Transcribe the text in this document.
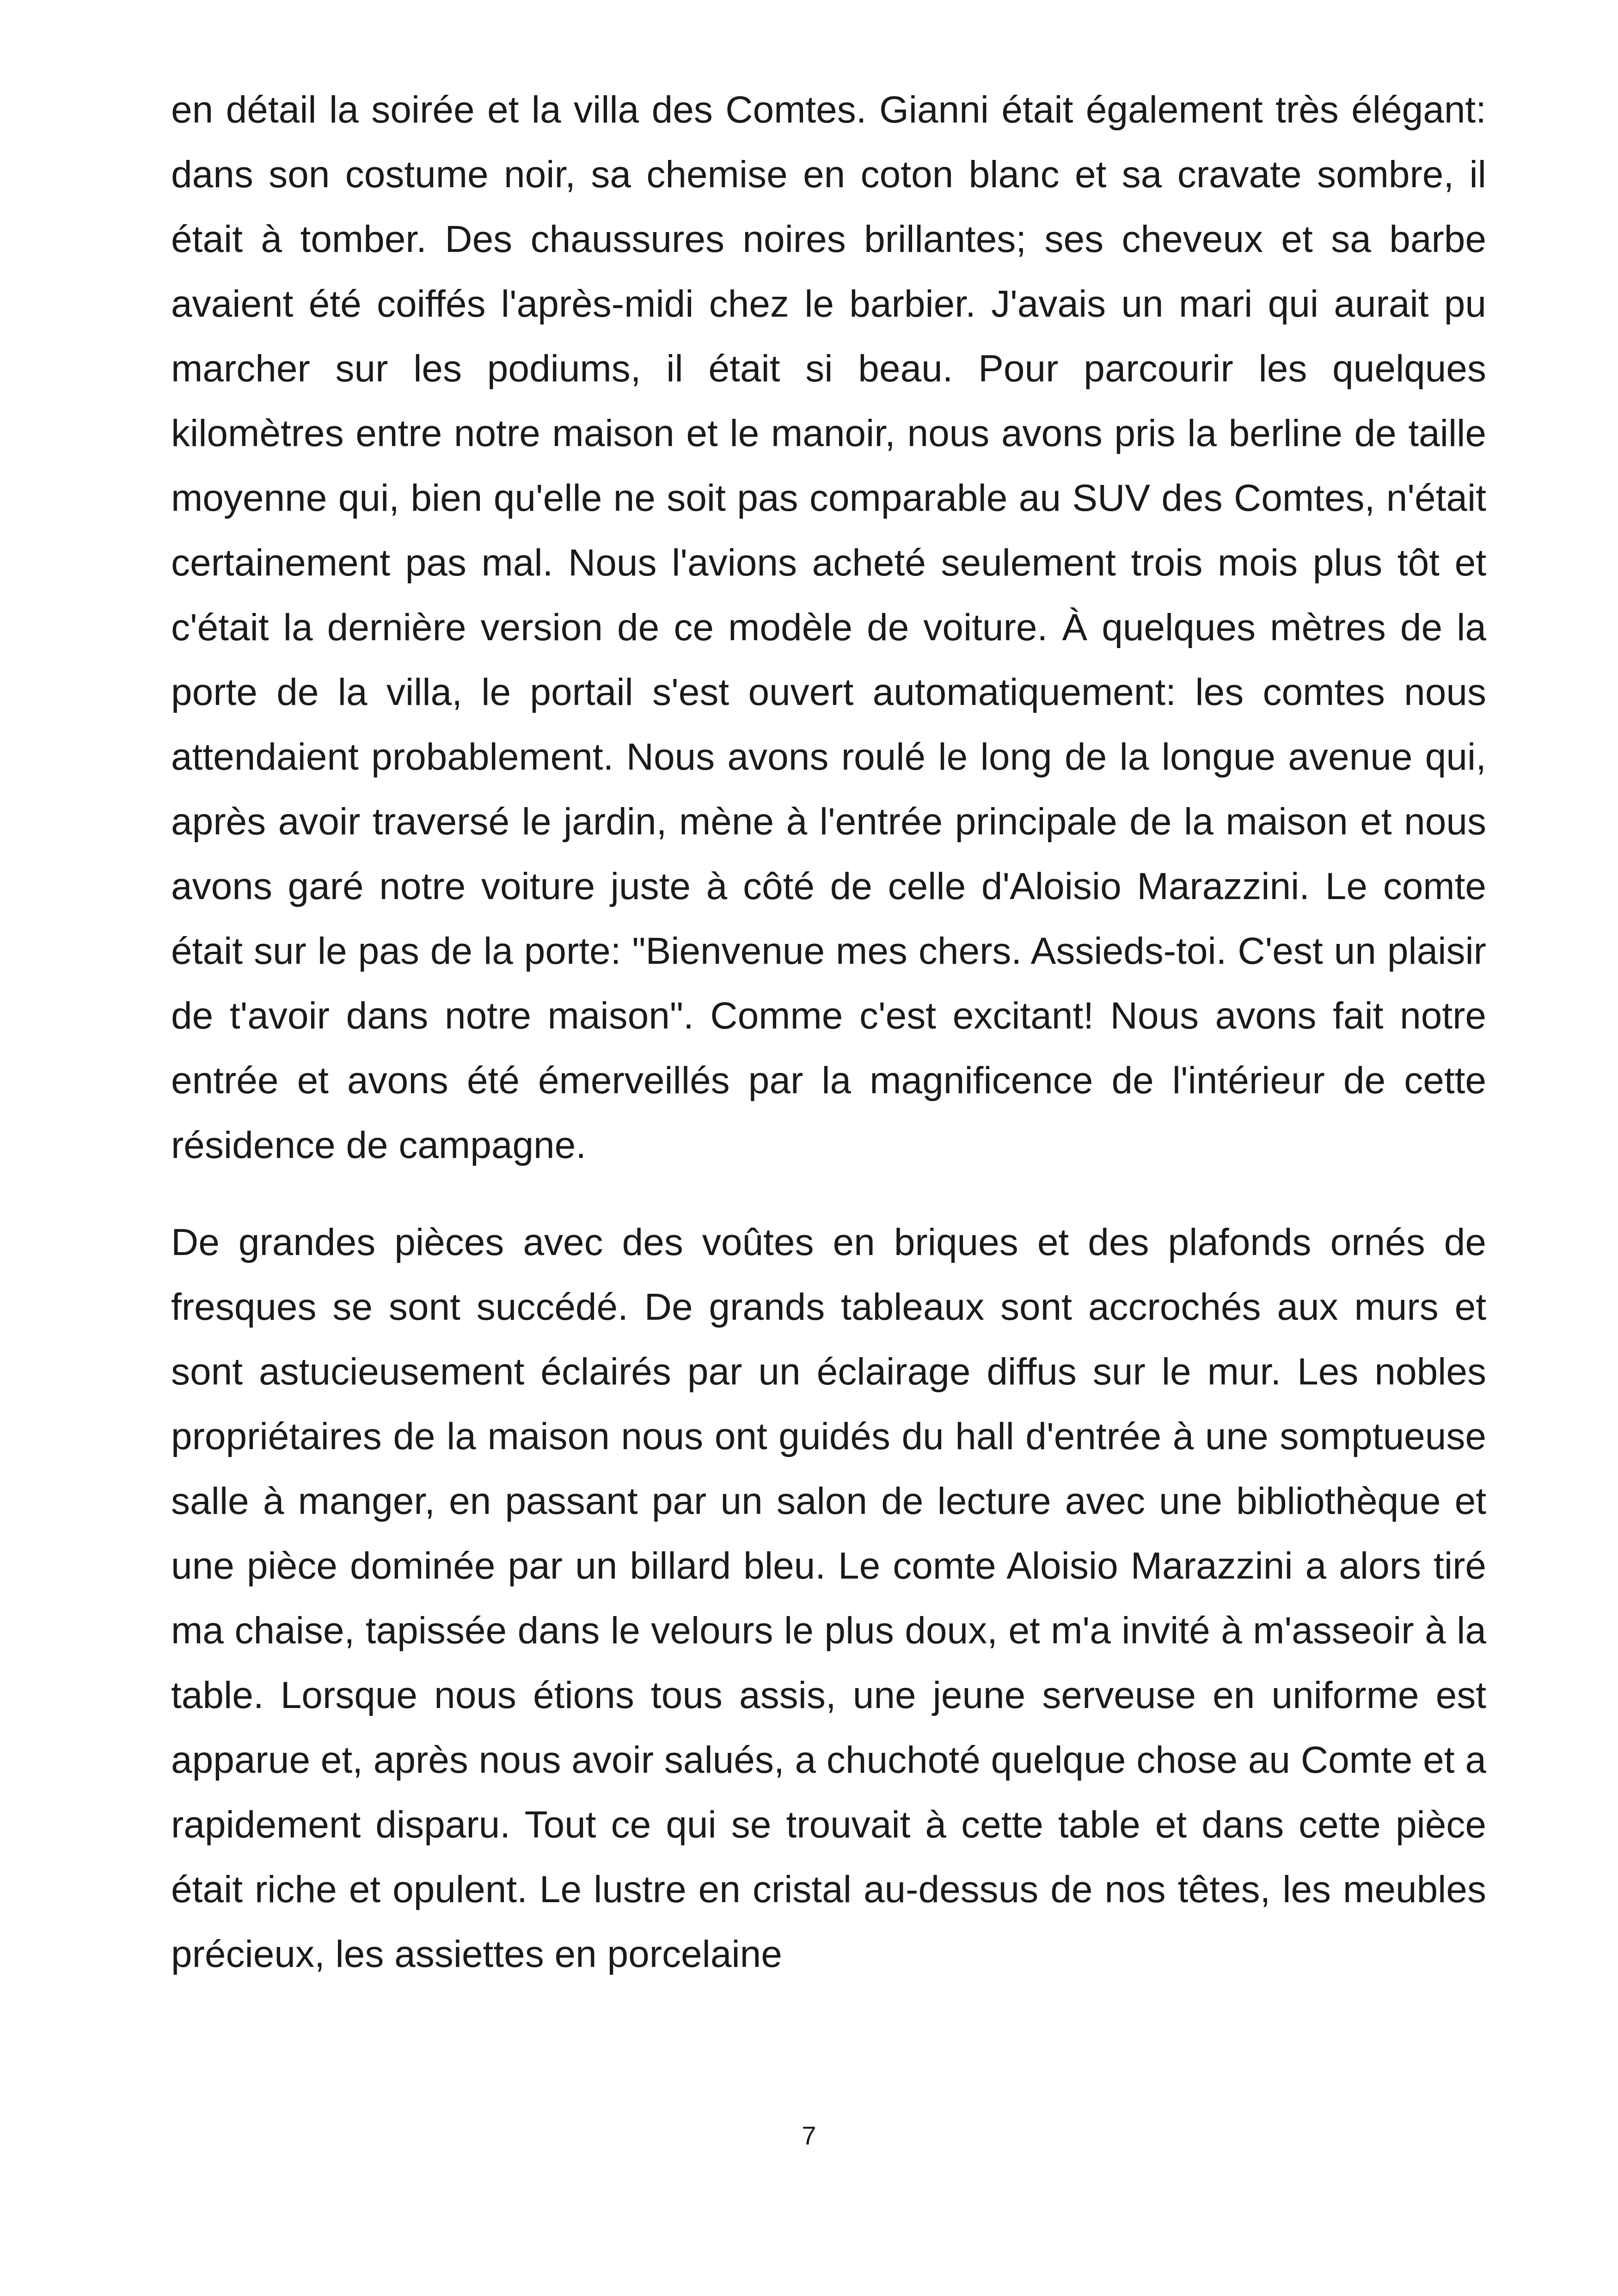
en détail la soirée et la villa des Comtes. Gianni était également très élégant: dans son costume noir, sa chemise en coton blanc et sa cravate sombre, il était à tomber. Des chaussures noires brillantes; ses cheveux et sa barbe avaient été coiffés l'après-midi chez le barbier. J'avais un mari qui aurait pu marcher sur les podiums, il était si beau. Pour parcourir les quelques kilomètres entre notre maison et le manoir, nous avons pris la berline de taille moyenne qui, bien qu'elle ne soit pas comparable au SUV des Comtes, n'était certainement pas mal. Nous l'avions acheté seulement trois mois plus tôt et c'était la dernière version de ce modèle de voiture. À quelques mètres de la porte de la villa, le portail s'est ouvert automatiquement: les comtes nous attendaient probablement. Nous avons roulé le long de la longue avenue qui, après avoir traversé le jardin, mène à l'entrée principale de la maison et nous avons garé notre voiture juste à côté de celle d'Aloisio Marazzini. Le comte était sur le pas de la porte: "Bienvenue mes chers. Assieds-toi. C'est un plaisir de t'avoir dans notre maison". Comme c'est excitant! Nous avons fait notre entrée et avons été émerveillés par la magnificence de l'intérieur de cette résidence de campagne.

De grandes pièces avec des voûtes en briques et des plafonds ornés de fresques se sont succédé. De grands tableaux sont accrochés aux murs et sont astucieusement éclairés par un éclairage diffus sur le mur. Les nobles propriétaires de la maison nous ont guidés du hall d'entrée à une somptueuse salle à manger, en passant par un salon de lecture avec une bibliothèque et une pièce dominée par un billard bleu. Le comte Aloisio Marazzini a alors tiré ma chaise, tapissée dans le velours le plus doux, et m'a invité à m'asseoir à la table. Lorsque nous étions tous assis, une jeune serveuse en uniforme est apparue et, après nous avoir salués, a chuchoté quelque chose au Comte et a rapidement disparu. Tout ce qui se trouvait à cette table et dans cette pièce était riche et opulent. Le lustre en cristal au-dessus de nos têtes, les meubles précieux, les assiettes en porcelaine

7
